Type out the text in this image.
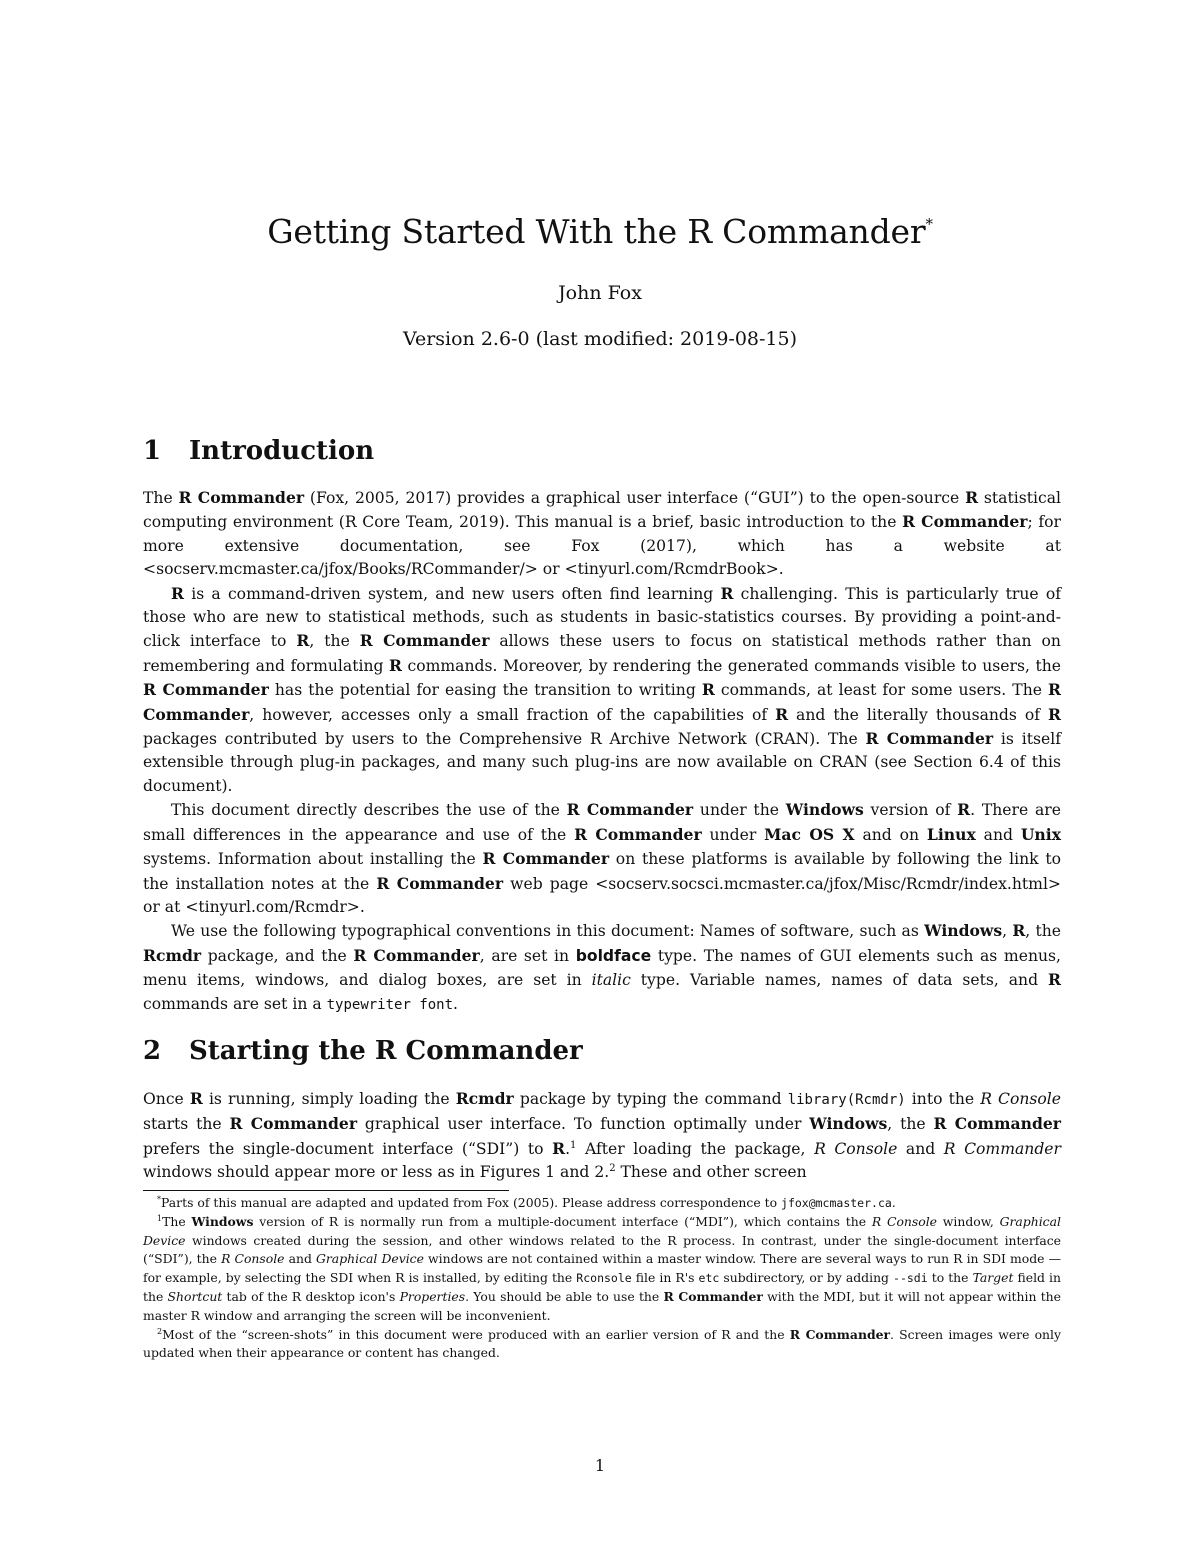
Getting Started With the R Commander*
John Fox
Version 2.6-0 (last modified: 2019-08-15)
1 Introduction

The R Commander (Fox, 2005, 2017) provides a graphical user interface (“GUI”) to the open-source R statistical computing environment (R Core Team, 2019). This manual is a brief, basic introduction to the R Commander; for more extensive documentation, see Fox (2017), which has a website at <socserv.mcmaster.ca/jfox/Books/RCommander/> or <tinyurl.com/RcmdrBook>.

R is a command-driven system, and new users often find learning R challenging. This is particularly true of those who are new to statistical methods, such as students in basic-statistics courses. By providing a point-and-click interface to R, the R Commander allows these users to focus on statistical methods rather than on remembering and formulating R commands. Moreover, by rendering the generated commands visible to users, the R Commander has the potential for easing the transition to writing R commands, at least for some users. The R Commander, however, accesses only a small fraction of the capabilities of R and the literally thousands of R packages contributed by users to the Comprehensive R Archive Network (CRAN). The R Commander is itself extensible through plug-in packages, and many such plug-ins are now available on CRAN (see Section 6.4 of this document).

This document directly describes the use of the R Commander under the Windows version of R. There are small differences in the appearance and use of the R Commander under Mac OS X and on Linux and Unix systems. Information about installing the R Commander on these platforms is available by following the link to the installation notes at the R Commander web page <socserv.socsci.mcmaster.ca/jfox/Misc/Rcmdr/index.html> or at <tinyurl.com/Rcmdr>.

We use the following typographical conventions in this document: Names of software, such as Windows, R, the Rcmdr package, and the R Commander, are set in boldface type. The names of GUI elements such as menus, menu items, windows, and dialog boxes, are set in italic type. Variable names, names of data sets, and R commands are set in a typewriter font.

2 Starting the R Commander

Once R is running, simply loading the Rcmdr package by typing the command library(Rcmdr) into the R Console starts the R Commander graphical user interface. To function optimally under Windows, the R Commander prefers the single-document interface (“SDI”) to R.$^1$ After loading the package, R Console and R Commander windows should appear more or less as in Figures 1 and 2.$^2$ These and other screen

*Parts of this manual are adapted and updated from Fox (2005). Please address correspondence to jfox@mcmaster.ca.

$^1$The Windows version of R is normally run from a multiple-document interface (“MDI”), which contains the R Console window, Graphical Device windows created during the session, and other windows related to the R process. In contrast, under the single-document interface (“SDI”), the R Console and Graphical Device windows are not contained within a master window. There are several ways to run R in SDI mode — for example, by selecting the SDI when R is installed, by editing the Rconsole file in R's etc subdirectory, or by adding --sdi to the Target field in the Shortcut tab of the R desktop icon's Properties. You should be able to use the R Commander with the MDI, but it will not appear within the master R window and arranging the screen will be inconvenient.

$^2$Most of the “screen-shots” in this document were produced with an earlier version of R and the R Commander. Screen images were only updated when their appearance or content has changed.

1
